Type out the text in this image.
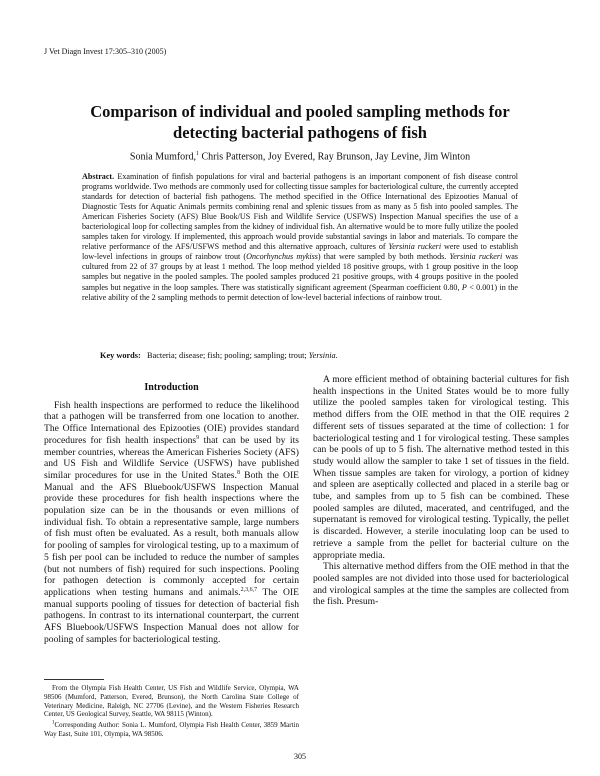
J Vet Diagn Invest 17:305–310 (2005)
Comparison of individual and pooled sampling methods for
detecting bacterial pathogens of fish
Sonia Mumford,$^1$ Chris Patterson, Joy Evered, Ray Brunson, Jay Levine, Jim Winton
Abstract. Examination of finfish populations for viral and bacterial pathogens is an important component of fish disease control programs worldwide. Two methods are commonly used for collecting tissue samples for bacteriological culture, the currently accepted standards for detection of bacterial fish pathogens. The method specified in the Office International des Epizooties Manual of Diagnostic Tests for Aquatic Animals permits combining renal and splenic tissues from as many as 5 fish into pooled samples. The American Fisheries Society (AFS) Blue Book/US Fish and Wildlife Service (USFWS) Inspection Manual specifies the use of a bacteriological loop for collecting samples from the kidney of individual fish. An alternative would be to more fully utilize the pooled samples taken for virology. If implemented, this approach would provide substantial savings in labor and materials. To compare the relative performance of the AFS/USFWS method and this alternative approach, cultures of Yersinia ruckeri were used to establish low-level infections in groups of rainbow trout (Oncorhynchus mykiss) that were sampled by both methods. Yersinia ruckeri was cultured from 22 of 37 groups by at least 1 method. The loop method yielded 18 positive groups, with 1 group positive in the loop samples but negative in the pooled samples. The pooled samples produced 21 positive groups, with 4 groups positive in the pooled samples but negative in the loop samples. There was statistically significant agreement (Spearman coefficient 0.80, P < 0.001) in the relative ability of the 2 sampling methods to permit detection of low-level bacterial infections of rainbow trout.
Key words: Bacteria; disease; fish; pooling; sampling; trout; Yersinia.
Introduction

Fish health inspections are performed to reduce the likelihood that a pathogen will be transferred from one location to another. The Office International des Epizooties (OIE) provides standard procedures for fish health inspections$^9$ that can be used by its member countries, whereas the American Fisheries Society (AFS) and US Fish and Wildlife Service (USFWS) have published similar procedures for use in the United States.$^8$ Both the OIE Manual and the AFS Bluebook/USFWS Inspection Manual provide these procedures for fish health inspections where the population size can be in the thousands or even millions of individual fish. To obtain a representative sample, large numbers of fish must often be evaluated. As a result, both manuals allow for pooling of samples for virological testing, up to a maximum of 5 fish per pool can be included to reduce the number of samples (but not numbers of fish) required for such inspections. Pooling for pathogen detection is commonly accepted for certain applications when testing humans and animals.$^{2,3,6,7}$ The OIE manual supports pooling of tissues for detection of bacterial fish pathogens. In contrast to its international counterpart, the current AFS Bluebook/USFWS Inspection Manual does not allow for pooling of samples for bacteriological testing.

A more efficient method of obtaining bacterial cultures for fish health inspections in the United States would be to more fully utilize the pooled samples taken for virological testing. This method differs from the OIE method in that the OIE requires 2 different sets of tissues separated at the time of collection: 1 for bacteriological testing and 1 for virological testing. These samples can be pools of up to 5 fish. The alternative method tested in this study would allow the sampler to take 1 set of tissues in the field. When tissue samples are taken for virology, a portion of kidney and spleen are aseptically collected and placed in a sterile bag or tube, and samples from up to 5 fish can be combined. These pooled samples are diluted, macerated, and centrifuged, and the supernatant is removed for virological testing. Typically, the pellet is discarded. However, a sterile inoculating loop can be used to retrieve a sample from the pellet for bacterial culture on the appropriate media.

This alternative method differs from the OIE method in that the pooled samples are not divided into those used for bacteriological and virological samples at the time the samples are collected from the fish. Presum-

From the Olympia Fish Health Center, US Fish and Wildlife Service, Olympia, WA 98506 (Mumford, Patterson, Evered, Brunson), the North Carolina State College of Veterinary Medicine, Raleigh, NC 27706 (Levine), and the Western Fisheries Research Center, US Geological Survey, Seattle, WA 98115 (Winton).

$^1$Corresponding Author: Sonia L. Mumford, Olympia Fish Health Center, 3859 Martin Way East, Suite 101, Olympia, WA 98506.

305
